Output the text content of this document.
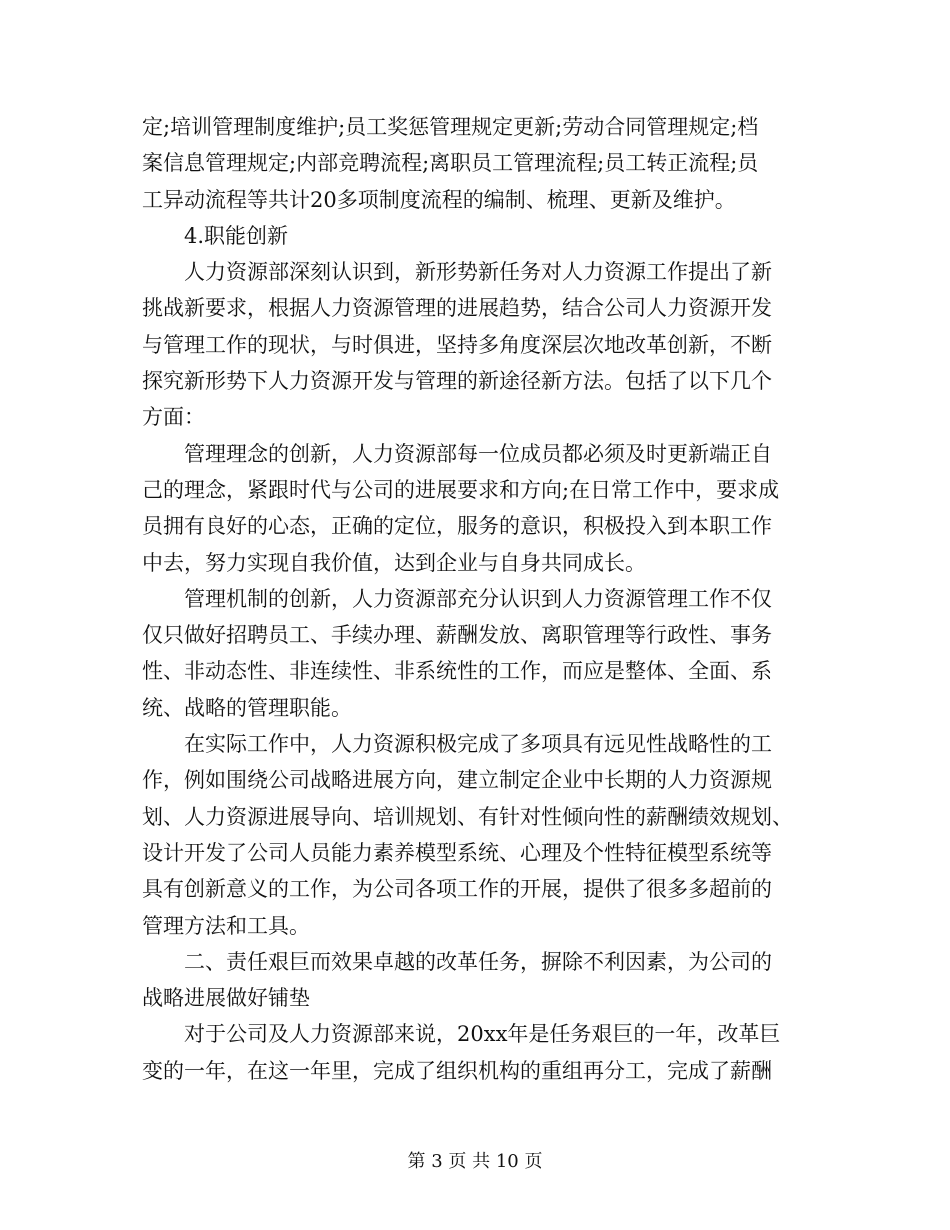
定;培训管理制度维护;员工奖惩管理规定更新;劳动合同管理规定;档
案信息管理规定;内部竞聘流程;离职员工管理流程;员工转正流程;员
工异动流程等共计20多项制度流程的编制、梳理、更新及维护。

4.职能创新

人力资源部深刻认识到，新形势新任务对人力资源工作提出了新
挑战新要求，根据人力资源管理的进展趋势，结合公司人力资源开发
与管理工作的现状，与时俱进，坚持多角度深层次地改革创新，不断
探究新形势下人力资源开发与管理的新途径新方法。包括了以下几个
方面：

管理理念的创新，人力资源部每一位成员都必须及时更新端正自
己的理念，紧跟时代与公司的进展要求和方向;在日常工作中，要求成
员拥有良好的心态，正确的定位，服务的意识，积极投入到本职工作
中去，努力实现自我价值，达到企业与自身共同成长。

管理机制的创新，人力资源部充分认识到人力资源管理工作不仅
仅只做好招聘员工、手续办理、薪酬发放、离职管理等行政性、事务
性、非动态性、非连续性、非系统性的工作，而应是整体、全面、系
统、战略的管理职能。

在实际工作中，人力资源积极完成了多项具有远见性战略性的工
作，例如围绕公司战略进展方向，建立制定企业中长期的人力资源规
划、人力资源进展导向、培训规划、有针对性倾向性的薪酬绩效规划、
设计开发了公司人员能力素养模型系统、心理及个性特征模型系统等
具有创新意义的工作，为公司各项工作的开展，提供了很多多超前的
管理方法和工具。

二、责任艰巨而效果卓越的改革任务，摒除不利因素，为公司的
战略进展做好铺垫

对于公司及人力资源部来说，20xx年是任务艰巨的一年，改革巨
变的一年，在这一年里，完成了组织机构的重组再分工，完成了薪酬

第 3 页 共 10 页
